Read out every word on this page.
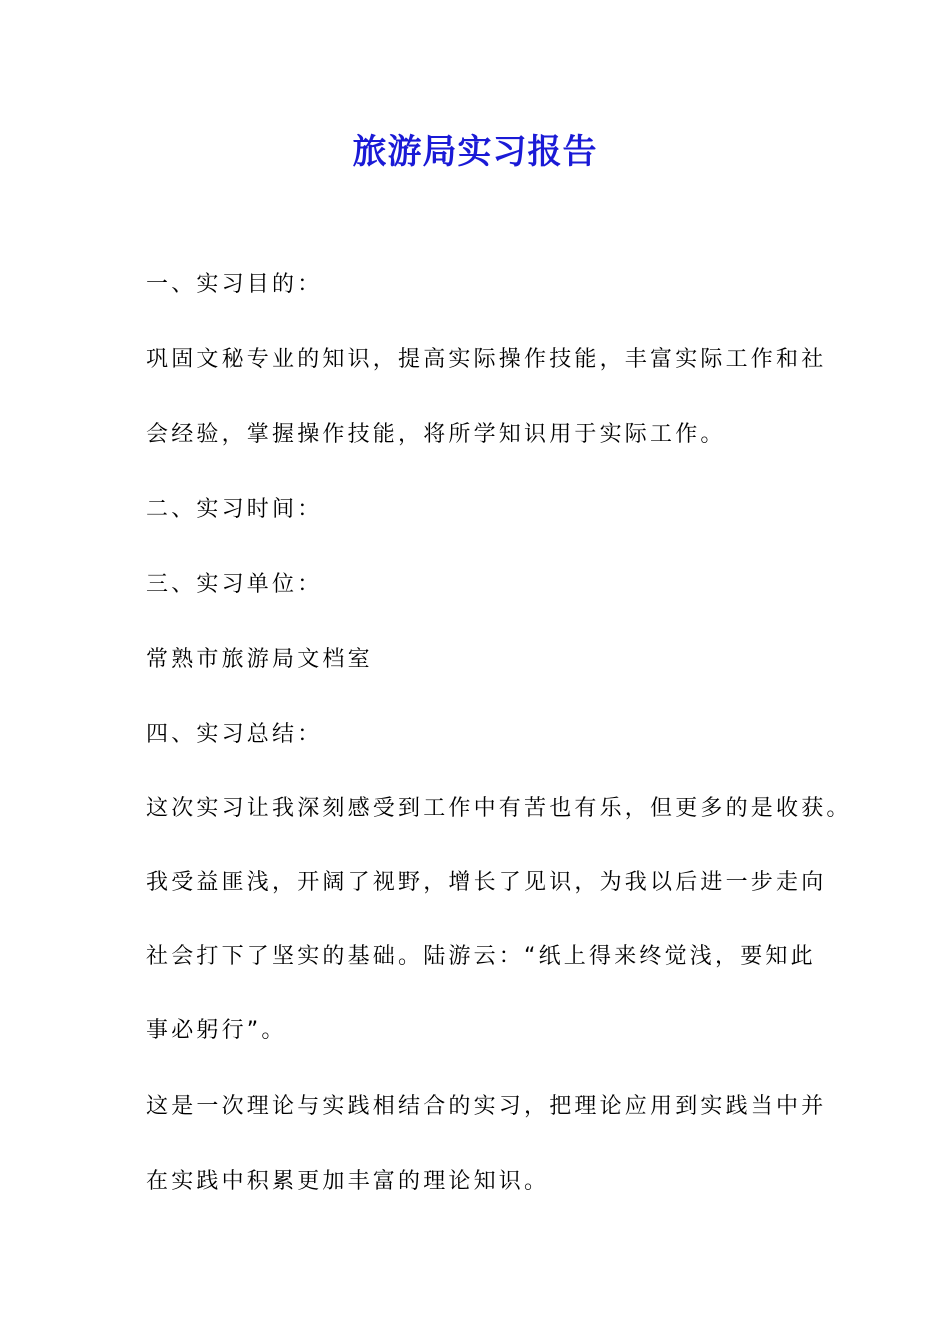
旅游局实习报告
一、实习目的：
巩固文秘专业的知识，提高实际操作技能，丰富实际工作和社
会经验，掌握操作技能，将所学知识用于实际工作。
二、实习时间：
三、实习单位：
常熟市旅游局文档室
四、实习总结：
这次实习让我深刻感受到工作中有苦也有乐，但更多的是收获。
我受益匪浅，开阔了视野，增长了见识，为我以后进一步走向
社会打下了坚实的基础。陆游云：“纸上得来终觉浅，要知此
事必躬行”。
这是一次理论与实践相结合的实习，把理论应用到实践当中并
在实践中积累更加丰富的理论知识。
